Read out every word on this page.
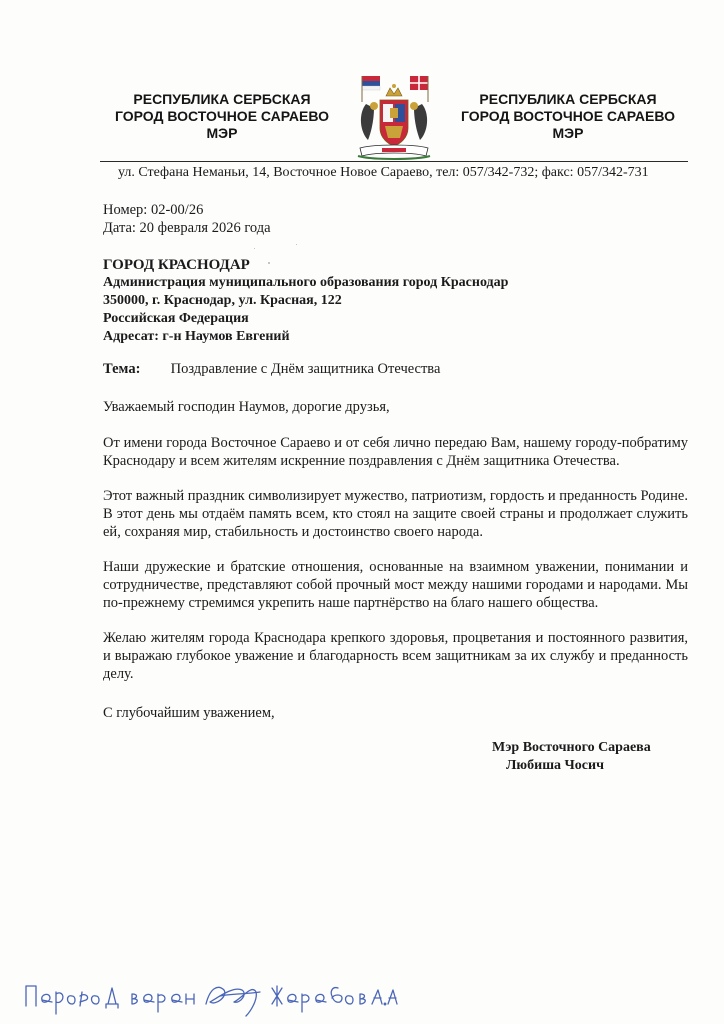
РЕСПУБЛИКА СЕРБСКАЯ
ГОРОД ВОСТОЧНОЕ САРАЕВО
МЭР
РЕСПУБЛИКА СЕРБСКАЯ
ГОРОД ВОСТОЧНОЕ САРАЕВО
МЭР
ул. Стефана Неманьи, 14, Восточное Новое Сараево, тел: 057/342-732; факс: 057/342-731
Номер: 02-00/26
Дата: 20 февраля 2026 года
ГОРОД КРАСНОДАР
Администрация муниципального образования город Краснодар
350000, г. Краснодар, ул. Красная, 122
Российская Федерация
Адресат: г-н Наумов Евгений
Тема: Поздравление с Днём защитника Отечества

Уважаемый господин Наумов, дорогие друзья,

От имени города Восточное Сараево и от себя лично передаю Вам, нашему городу-побратиму Краснодару и всем жителям искренние поздравления с Днём защитника Отечества.

Этот важный праздник символизирует мужество, патриотизм, гордость и преданность Родине. В этот день мы отдаём память всем, кто стоял на защите своей страны и продолжает служить ей, сохраняя мир, стабильность и достоинство своего народа.

Наши дружеские и братские отношения, основанные на взаимном уважении, понимании и сотрудничестве, представляют собой прочный мост между нашими городами и народами. Мы по-прежнему стремимся укрепить наше партнёрство на благо нашего общества.

Желаю жителям города Краснодара крепкого здоровья, процветания и постоянного развития, и выражаю глубокое уважение и благодарность всем защитникам за их службу и преданность делу.

С глубочайшим уважением,
Мэр Восточного Сараева
Любиша Чосич
